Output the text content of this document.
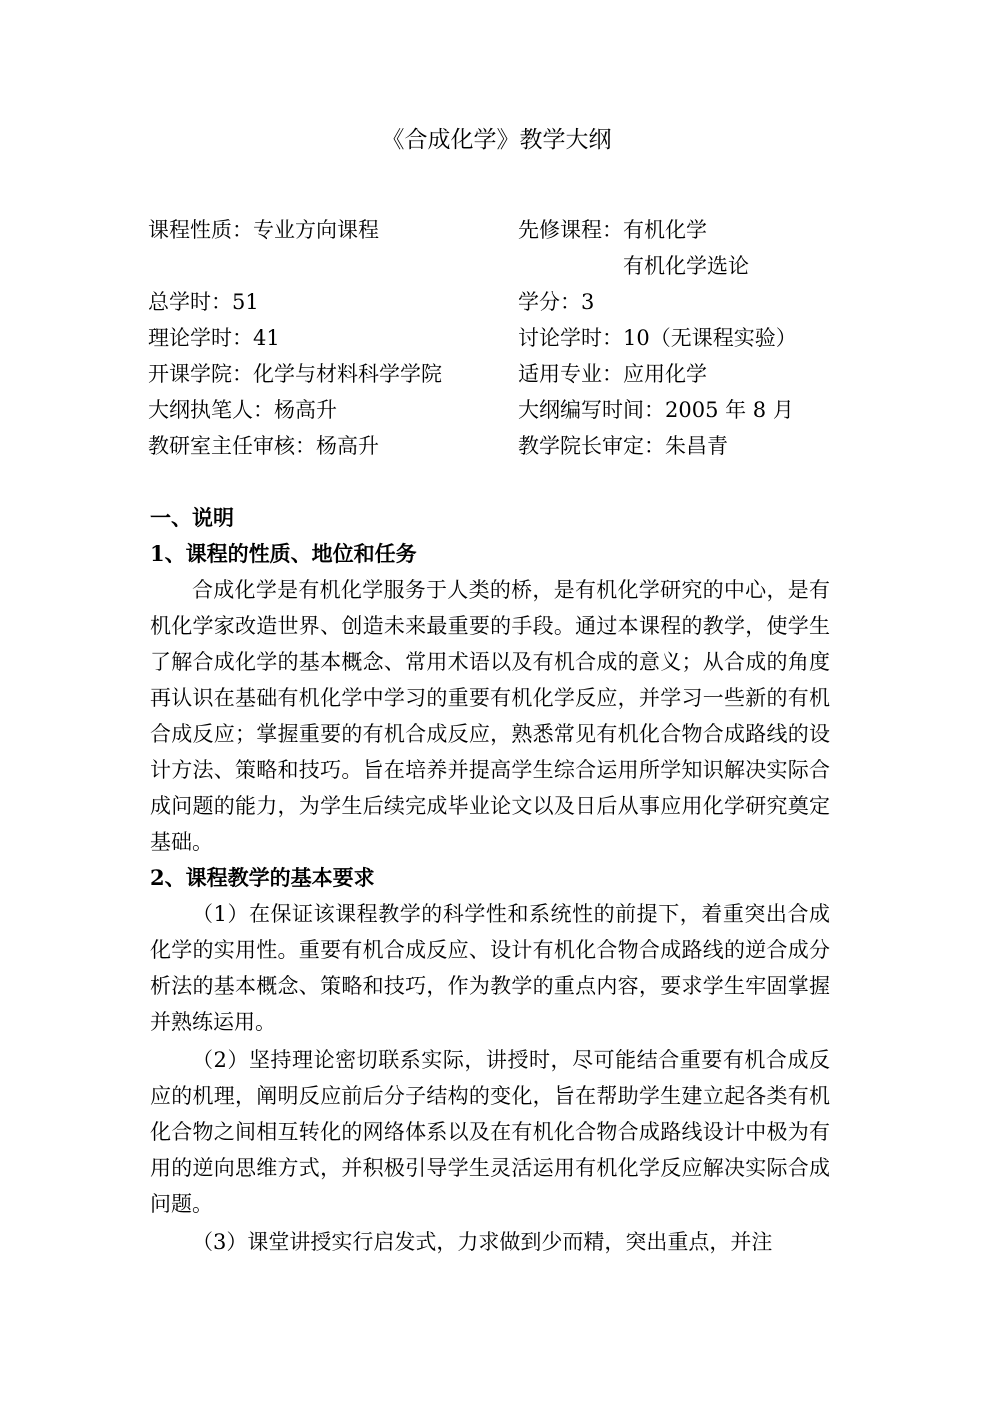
《合成化学》教学大纲
课程性质：专业方向课程	先修课程：有机化学
　　　　　有机化学选论
总学时：51	学分：3
理论学时：41	讨论学时：10（无课程实验）
开课学院：化学与材料科学学院	适用专业：应用化学
大纲执笔人：杨高升	大纲编写时间：2005 年 8 月
教研室主任审核：杨高升	教学院长审定：朱昌青

一、说明

1、课程的性质、地位和任务

合成化学是有机化学服务于人类的桥，是有机化学研究的中心，是有机化学家改造世界、创造未来最重要的手段。通过本课程的教学，使学生了解合成化学的基本概念、常用术语以及有机合成的意义；从合成的角度再认识在基础有机化学中学习的重要有机化学反应，并学习一些新的有机合成反应；掌握重要的有机合成反应，熟悉常见有机化合物合成路线的设计方法、策略和技巧。旨在培养并提高学生综合运用所学知识解决实际合成问题的能力，为学生后续完成毕业论文以及日后从事应用化学研究奠定基础。

2、课程教学的基本要求

（1）在保证该课程教学的科学性和系统性的前提下，着重突出合成化学的实用性。重要有机合成反应、设计有机化合物合成路线的逆合成分析法的基本概念、策略和技巧，作为教学的重点内容，要求学生牢固掌握并熟练运用。

（2）坚持理论密切联系实际，讲授时，尽可能结合重要有机合成反应的机理，阐明反应前后分子结构的变化，旨在帮助学生建立起各类有机化合物之间相互转化的网络体系以及在有机化合物合成路线设计中极为有用的逆向思维方式，并积极引导学生灵活运用有机化学反应解决实际合成问题。

（3）课堂讲授实行启发式，力求做到少而精，突出重点，并注
